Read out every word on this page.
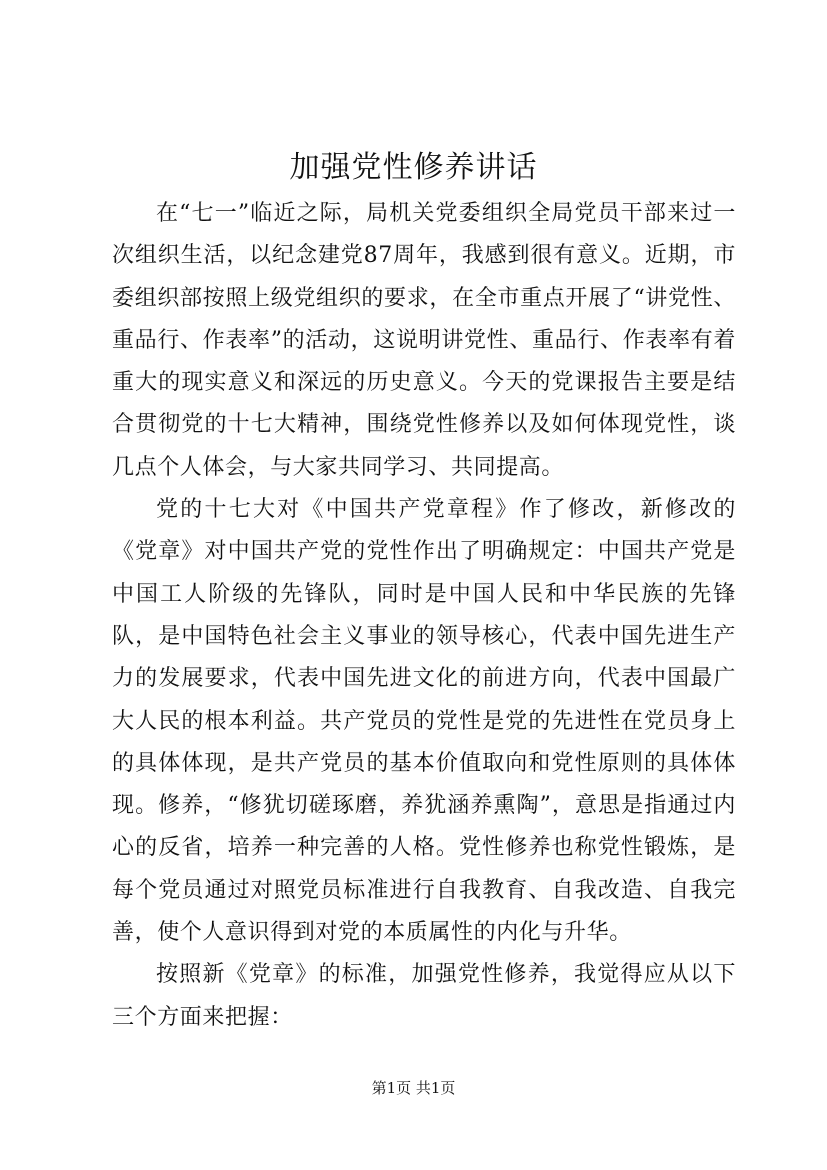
加强党性修养讲话

在“七一”临近之际，局机关党委组织全局党员干部来过一次组织生活，以纪念建党87周年，我感到很有意义。近期，市委组织部按照上级党组织的要求，在全市重点开展了“讲党性、重品行、作表率”的活动，这说明讲党性、重品行、作表率有着重大的现实意义和深远的历史意义。今天的党课报告主要是结合贯彻党的十七大精神，围绕党性修养以及如何体现党性，谈几点个人体会，与大家共同学习、共同提高。

党的十七大对《中国共产党章程》作了修改，新修改的《党章》对中国共产党的党性作出了明确规定：中国共产党是中国工人阶级的先锋队，同时是中国人民和中华民族的先锋队，是中国特色社会主义事业的领导核心，代表中国先进生产力的发展要求，代表中国先进文化的前进方向，代表中国最广大人民的根本利益。共产党员的党性是党的先进性在党员身上的具体体现，是共产党员的基本价值取向和党性原则的具体体现。修养，“修犹切磋琢磨，养犹涵养熏陶”，意思是指通过内心的反省，培养一种完善的人格。党性修养也称党性锻炼，是每个党员通过对照党员标准进行自我教育、自我改造、自我完善，使个人意识得到对党的本质属性的内化与升华。

按照新《党章》的标准，加强党性修养，我觉得应从以下三个方面来把握：

第1页 共1页
